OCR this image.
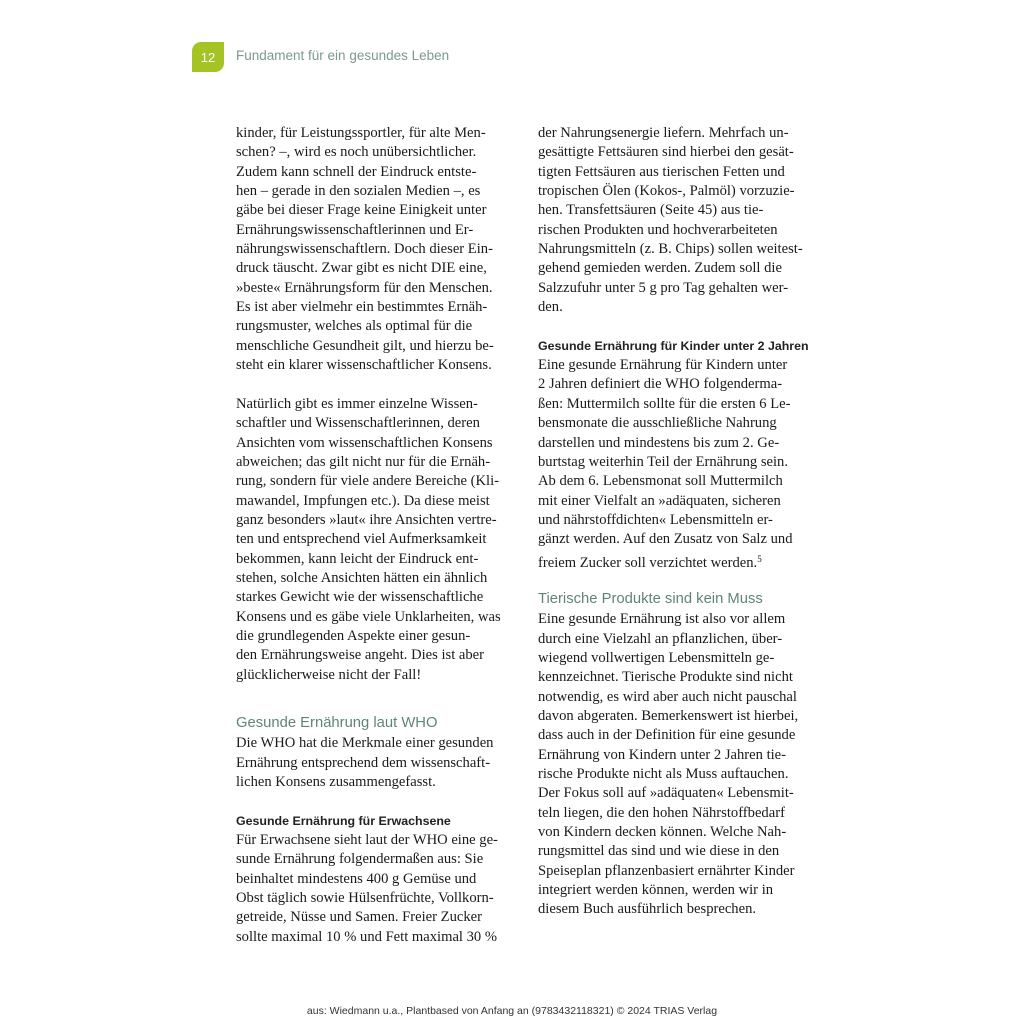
12 Fundament für ein gesundes Leben
kinder, für Leistungssportler, für alte Men-
schen? –, wird es noch unübersichtlicher.
Zudem kann schnell der Eindruck entste-
hen – gerade in den sozialen Medien –, es
gäbe bei dieser Frage keine Einigkeit unter
Ernährungswissenschaftlerinnen und Er-
nährungswissenschaftlern. Doch dieser Ein-
druck täuscht. Zwar gibt es nicht DIE eine,
»beste« Ernährungsform für den Menschen.
Es ist aber vielmehr ein bestimmtes Ernäh-
rungsmuster, welches als optimal für die
menschliche Gesundheit gilt, und hierzu be-
steht ein klarer wissenschaftlicher Konsens.
Natürlich gibt es immer einzelne Wissen-
schaftler und Wissenschaftlerinnen, deren
Ansichten vom wissenschaftlichen Konsens
abweichen; das gilt nicht nur für die Ernäh-
rung, sondern für viele andere Bereiche (Kli-
mawandel, Impfungen etc.). Da diese meist
ganz besonders »laut« ihre Ansichten vertre-
ten und entsprechend viel Aufmerksamkeit
bekommen, kann leicht der Eindruck ent-
stehen, solche Ansichten hätten ein ähnlich
starkes Gewicht wie der wissenschaftliche
Konsens und es gäbe viele Unklarheiten, was
die grundlegenden Aspekte einer gesun-
den Ernährungsweise angeht. Dies ist aber
glücklicherweise nicht der Fall!
Gesunde Ernährung laut WHO
Die WHO hat die Merkmale einer gesunden
Ernährung entsprechend dem wissenschaft-
lichen Konsens zusammengefasst.
Gesunde Ernährung für Erwachsene
Für Erwachsene sieht laut der WHO eine ge-
sunde Ernährung folgendermaßen aus: Sie
beinhaltet mindestens 400 g Gemüse und
Obst täglich sowie Hülsenfrüchte, Vollkorn-
getreide, Nüsse und Samen. Freier Zucker
sollte maximal 10 % und Fett maximal 30 %
der Nahrungsenergie liefern. Mehrfach un-
gesättigte Fettsäuren sind hierbei den gesät-
tigten Fettsäuren aus tierischen Fetten und
tropischen Ölen (Kokos-, Palmöl) vorzuzie-
hen. Transfettsäuren (Seite 45) aus tie-
rischen Produkten und hochverarbeiteten
Nahrungsmitteln (z. B. Chips) sollen weitest-
gehend gemieden werden. Zudem soll die
Salzzufuhr unter 5 g pro Tag gehalten wer-
den.
Gesunde Ernährung für Kinder unter 2 Jahren
Eine gesunde Ernährung für Kindern unter
2 Jahren definiert die WHO folgenderma-
ßen: Muttermilch sollte für die ersten 6 Le-
bensmonate die ausschließliche Nahrung
darstellen und mindestens bis zum 2. Ge-
burtstag weiterhin Teil der Ernährung sein.
Ab dem 6. Lebensmonat soll Muttermilch
mit einer Vielfalt an »adäquaten, sicheren
und nährstoffdichten« Lebensmitteln er-
gänzt werden. Auf den Zusatz von Salz und
freiem Zucker soll verzichtet werden.$^5$
Tierische Produkte sind kein Muss
Eine gesunde Ernährung ist also vor allem
durch eine Vielzahl an pflanzlichen, über-
wiegend vollwertigen Lebensmitteln ge-
kennzeichnet. Tierische Produkte sind nicht
notwendig, es wird aber auch nicht pauschal
davon abgeraten. Bemerkenswert ist hierbei,
dass auch in der Definition für eine gesunde
Ernährung von Kindern unter 2 Jahren tie-
rische Produkte nicht als Muss auftauchen.
Der Fokus soll auf »adäquaten« Lebensmit-
teln liegen, die den hohen Nährstoffbedarf
von Kindern decken können. Welche Nah-
rungsmittel das sind und wie diese in den
Speiseplan pflanzenbasiert ernährter Kinder
integriert werden können, werden wir in
diesem Buch ausführlich besprechen.
aus: Wiedmann u.a., Plantbased von Anfang an (9783432118321) © 2024 TRIAS Verlag
